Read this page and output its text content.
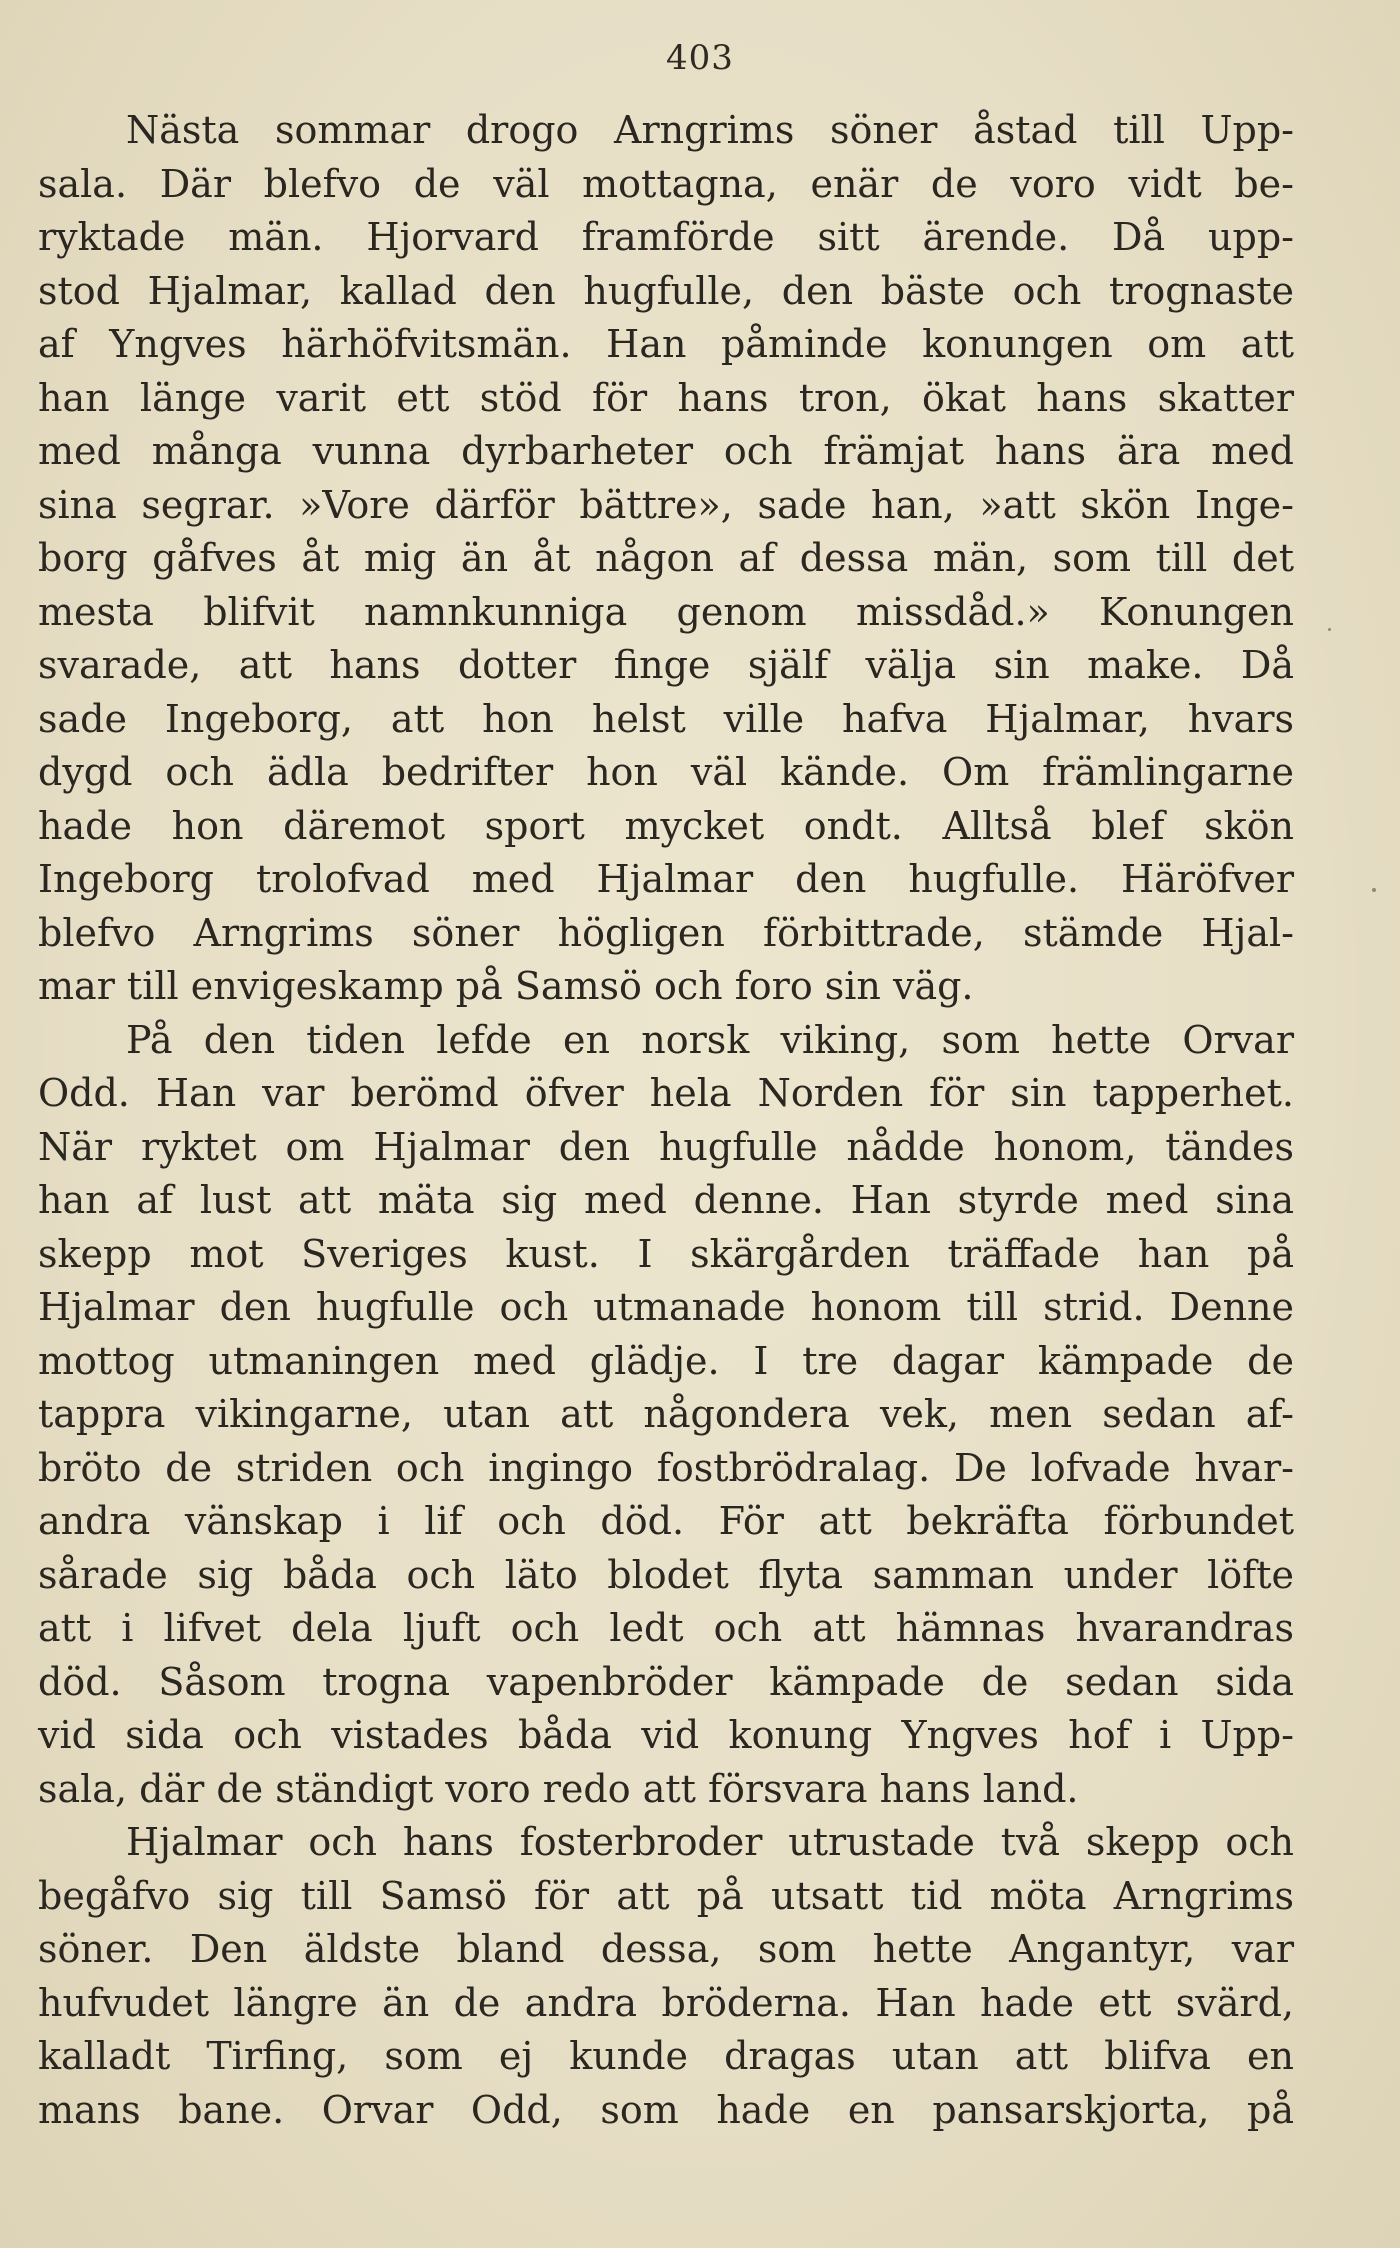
403
Nästa sommar drogo Arngrims söner åstad till Upp-
sala. Där blefvo de väl mottagna, enär de voro vidt be-
ryktade män. Hjorvard framförde sitt ärende. Då upp-
stod Hjalmar, kallad den hugfulle, den bäste och trognaste
af Yngves härhöfvitsmän. Han påminde konungen om att
han länge varit ett stöd för hans tron, ökat hans skatter
med många vunna dyrbarheter och främjat hans ära med
sina segrar. »Vore därför bättre», sade han, »att skön Inge-
borg gåfves åt mig än åt någon af dessa män, som till det
mesta blifvit namnkunniga genom missdåd.» Konungen
svarade, att hans dotter finge själf välja sin make. Då
sade Ingeborg, att hon helst ville hafva Hjalmar, hvars
dygd och ädla bedrifter hon väl kände. Om främlingarne
hade hon däremot sport mycket ondt. Alltså blef skön
Ingeborg trolofvad med Hjalmar den hugfulle. Häröfver
blefvo Arngrims söner högligen förbittrade, stämde Hjal-
mar till envigeskamp på Samsö och foro sin väg.
På den tiden lefde en norsk viking, som hette Orvar
Odd. Han var berömd öfver hela Norden för sin tapperhet.
När ryktet om Hjalmar den hugfulle nådde honom, tändes
han af lust att mäta sig med denne. Han styrde med sina
skepp mot Sveriges kust. I skärgården träffade han på
Hjalmar den hugfulle och utmanade honom till strid. Denne
mottog utmaningen med glädje. I tre dagar kämpade de
tappra vikingarne, utan att någondera vek, men sedan af-
bröto de striden och ingingo fostbrödralag. De lofvade hvar-
andra vänskap i lif och död. För att bekräfta förbundet
sårade sig båda och läto blodet flyta samman under löfte
att i lifvet dela ljuft och ledt och att hämnas hvarandras
död. Såsom trogna vapenbröder kämpade de sedan sida
vid sida och vistades båda vid konung Yngves hof i Upp-
sala, där de ständigt voro redo att försvara hans land.
Hjalmar och hans fosterbroder utrustade två skepp och
begåfvo sig till Samsö för att på utsatt tid möta Arngrims
söner. Den äldste bland dessa, som hette Angantyr, var
hufvudet längre än de andra bröderna. Han hade ett svärd,
kalladt Tirfing, som ej kunde dragas utan att blifva en
mans bane. Orvar Odd, som hade en pansarskjorta, på
